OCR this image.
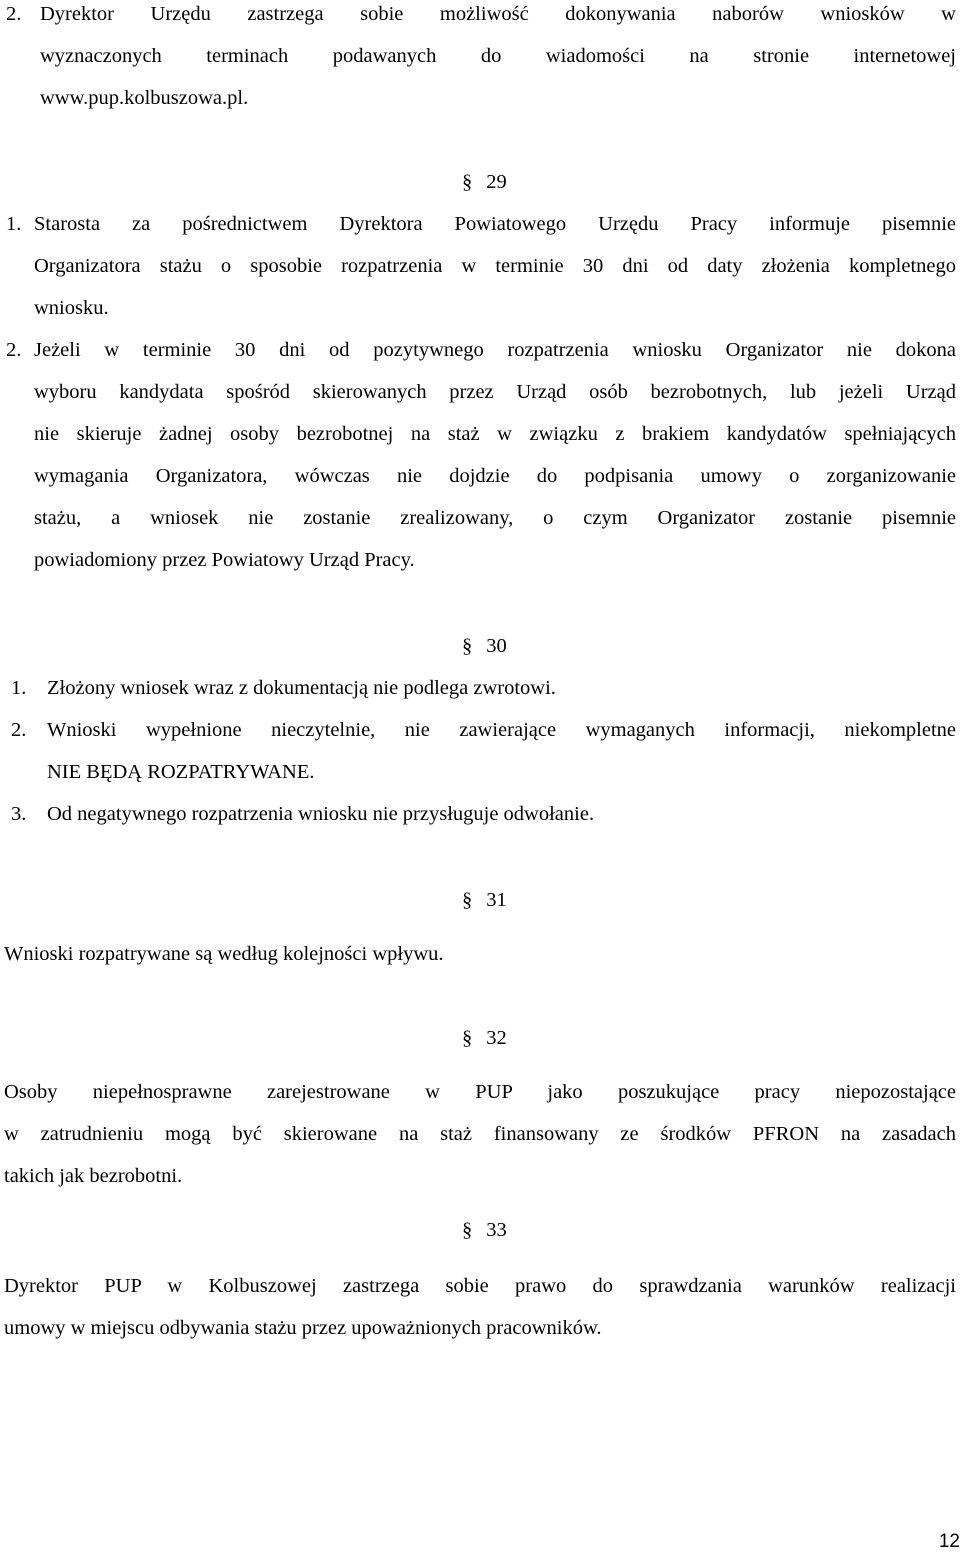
2. Dyrektor Urzędu zastrzega sobie możliwość dokonywania naborów wniosków w
wyznaczonych terminach podawanych do wiadomości na stronie internetowej
www.pup.kolbuszowa.pl.
§ 29
1. Starosta za pośrednictwem Dyrektora Powiatowego Urzędu Pracy informuje pisemnie
Organizatora stażu o sposobie rozpatrzenia w terminie 30 dni od daty złożenia kompletnego
wniosku.
2. Jeżeli w terminie 30 dni od pozytywnego rozpatrzenia wniosku Organizator nie dokona
wyboru kandydata spośród skierowanych przez Urząd osób bezrobotnych, lub jeżeli Urząd
nie skieruje żadnej osoby bezrobotnej na staż w związku z brakiem kandydatów spełniających
wymagania Organizatora, wówczas nie dojdzie do podpisania umowy o zorganizowanie
stażu, a wniosek nie zostanie zrealizowany, o czym Organizator zostanie pisemnie
powiadomiony przez Powiatowy Urząd Pracy.
§ 30
1. Złożony wniosek wraz z dokumentacją nie podlega zwrotowi.
2. Wnioski wypełnione nieczytelnie, nie zawierające wymaganych informacji, niekompletne
NIE BĘDĄ ROZPATRYWANE.
3. Od negatywnego rozpatrzenia wniosku nie przysługuje odwołanie.
§ 31
Wnioski rozpatrywane są według kolejności wpływu.
§ 32
Osoby niepełnosprawne zarejestrowane w PUP jako poszukujące pracy niepozostające
w zatrudnieniu mogą być skierowane na staż finansowany ze środków PFRON na zasadach
takich jak bezrobotni.
§ 33
Dyrektor PUP w Kolbuszowej zastrzega sobie prawo do sprawdzania warunków realizacji
umowy w miejscu odbywania stażu przez upoważnionych pracowników.
12
